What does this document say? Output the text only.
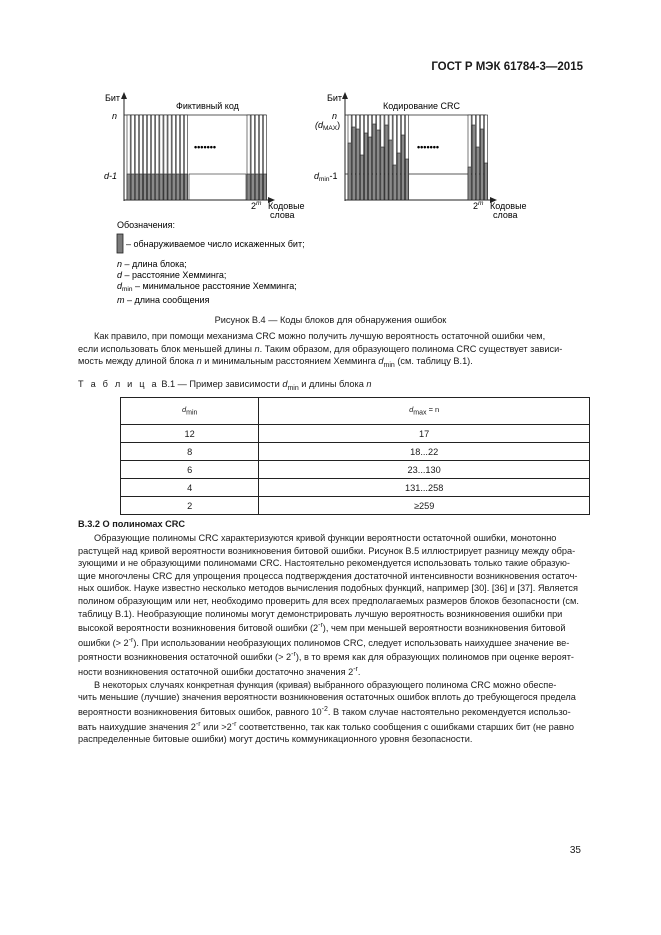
ГОСТ Р МЭК 61784-3—2015
Бит
Фиктивный код
n
d-1
•••••••
2$^m$ Кодовые
слова
Бит
Кодирование CRC
n
$(d_{MAX})$
$d_{min}-1$
•••••••
2$^m$ Кодовые
слова
Обозначения:
– обнаруживаемое число искаженных бит;
n – длина блока;
d – расстояние Хемминга;
$d_{min}$ – минимальное расстояние Хемминга;
m – длина сообщения
Рисунок B.4 — Коды блоков для обнаружения ошибок

Как правило, при помощи механизма CRC можно получить лучшую вероятность остаточной ошибки чем,

если использовать блок меньшей длины n. Таким образом, для образующего полинома CRC существует зависи-

мость между длиной блока n и минимальным расстоянием Хемминга $d_{min}$ (см. таблицу B.1).

Т а б л и ц а B.1 — Пример зависимости $d_{min}$ и длины блока n
$d_{min}$	$d_{max} = n$
12	17
8	18...22
6	23...130
4	131...258
2	≥259
B.3.2 О полиномах CRC

Образующие полиномы CRC характеризуются кривой функции вероятности остаточной ошибки, монотонно

растущей над кривой вероятности возникновения битовой ошибки. Рисунок B.5 иллюстрирует разницу между обра-

зующими и не образующими полиномами CRC. Настоятельно рекомендуется использовать только такие образую-

щие многочлены CRC для упрощения процесса подтверждения достаточной интенсивности возникновения остаточ-

ных ошибок. Науке известно несколько методов вычисления подобных функций, например [30]. [36] и [37]. Является

полином образующим или нет, необходимо проверить для всех предполагаемых размеров блоков безопасности (см.

таблицу B.1). Необразующие полиномы могут демонстрировать лучшую вероятность возникновения ошибки при

высокой вероятности возникновения битовой ошибки $(2^{-r})$, чем при меньшей вероятности возникновения битовой

ошибки (> $2^{-r}$). При использовании необразующих полиномов CRC, следует использовать наихудшее значение ве-

роятности возникновения остаточной ошибки (> $2^{-r}$), в то время как для образующих полиномов при оценке вероят-

ности возникновения остаточной ошибки достаточно значения $2^{-r}$.

В некоторых случаях конкретная функция (кривая) выбранного образующего полинома CRC можно обеспе-

чить меньшие (лучшие) значения вероятности возникновения остаточных ошибок вплоть до требующегося предела

вероятности возникновения битовых ошибок, равного $10^{-2}$. В таком случае настоятельно рекомендуется использо-

вать наихудшие значения $2^{-r}$ или $>2^{-r}$ соответственно, так как только сообщения с ошибками старших бит (не равно

распределенные битовые ошибки) могут достичь коммуникационного уровня безопасности.

35
